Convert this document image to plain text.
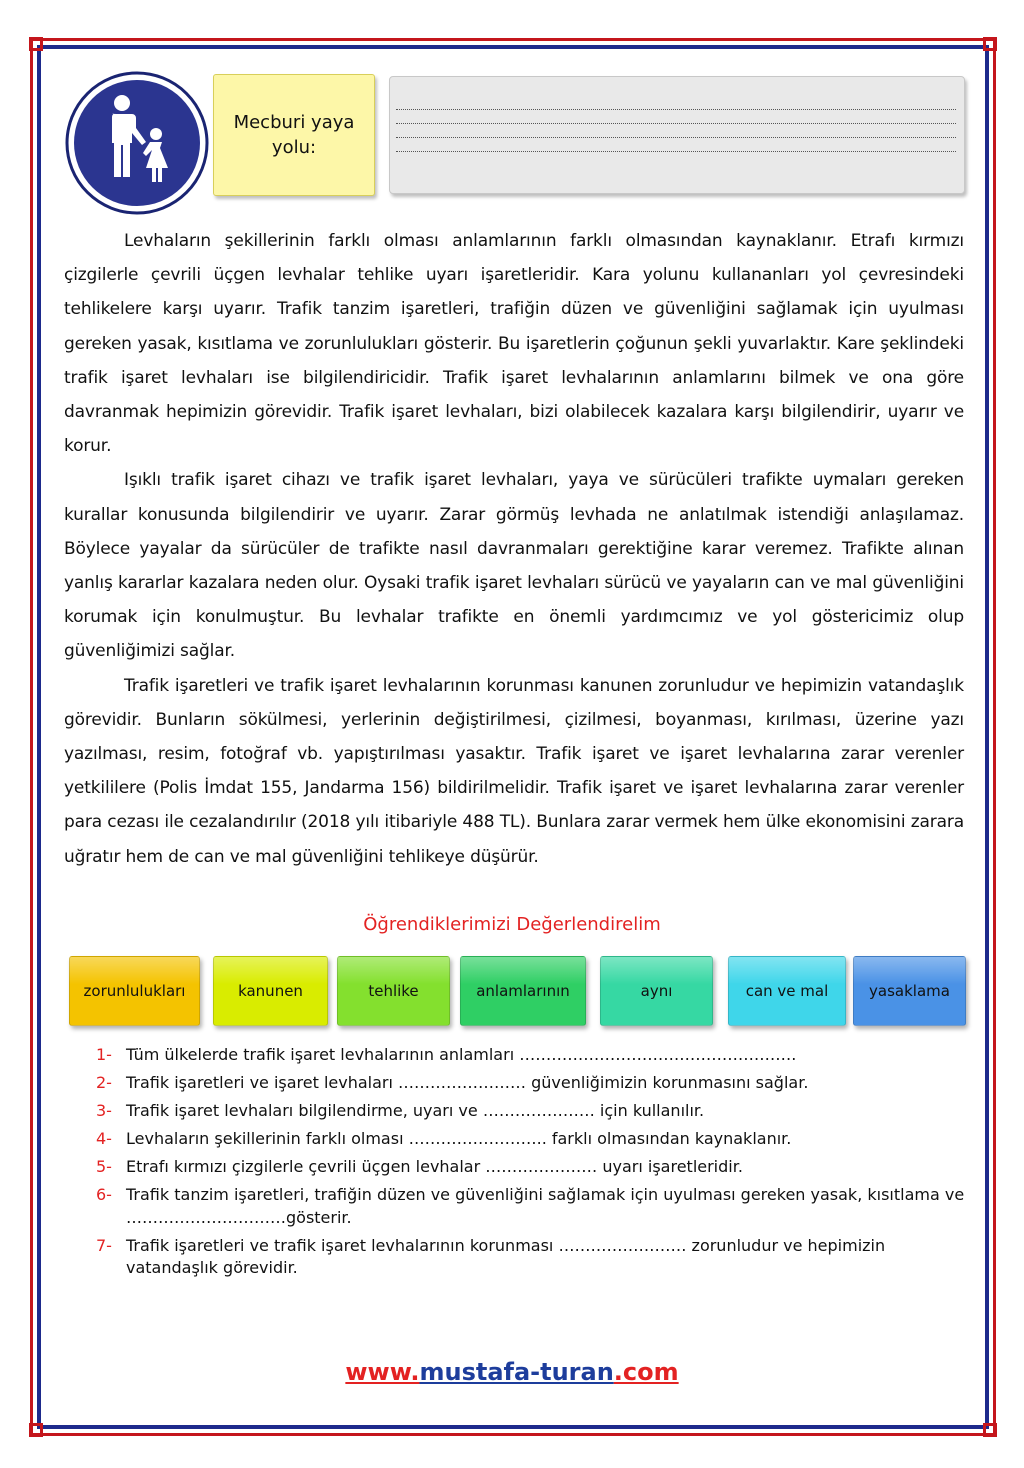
Mecburi yaya yolu:

Levhaların şekillerinin farklı olması anlamlarının farklı olmasından kaynaklanır. Etrafı kırmızı çizgilerle çevrili üçgen levhalar tehlike uyarı işaretleridir. Kara yolunu kullananları yol çevresindeki tehlikelere karşı uyarır. Trafik tanzim işaretleri, trafiğin düzen ve güvenliğini sağlamak için uyulması gereken yasak, kısıtlama ve zorunlulukları gösterir. Bu işaretlerin çoğunun şekli yuvarlaktır. Kare şeklindeki trafik işaret levhaları ise bilgilendiricidir. Trafik işaret levhalarının anlamlarını bilmek ve ona göre davranmak hepimizin görevidir. Trafik işaret levhaları, bizi olabilecek kazalara karşı bilgilendirir, uyarır ve korur.

Işıklı trafik işaret cihazı ve trafik işaret levhaları, yaya ve sürücüleri trafikte uymaları gereken kurallar konusunda bilgilendirir ve uyarır. Zarar görmüş levhada ne anlatılmak istendiği anlaşılamaz. Böylece yayalar da sürücüler de trafikte nasıl davranmaları gerektiğine karar veremez. Trafikte alınan yanlış kararlar kazalara neden olur. Oysaki trafik işaret levhaları sürücü ve yayaların can ve mal güvenliğini korumak için konulmuştur. Bu levhalar trafikte en önemli yardımcımız ve yol göstericimiz olup güvenliğimizi sağlar.

Trafik işaretleri ve trafik işaret levhalarının korunması kanunen zorunludur ve hepimizin vatandaşlık görevidir. Bunların sökülmesi, yerlerinin değiştirilmesi, çizilmesi, boyanması, kırılması, üzerine yazı yazılması, resim, fotoğraf vb. yapıştırılması yasaktır. Trafik işaret ve işaret levhalarına zarar verenler yetkililere (Polis İmdat 155, Jandarma 156) bildirilmelidir. Trafik işaret ve işaret levhalarına zarar verenler para cezası ile cezalandırılır (2018 yılı itibariyle 488 TL). Bunlara zarar vermek hem ülke ekonomisini zarara uğratır hem de can ve mal güvenliğini tehlikeye düşürür.

Öğrendiklerimizi Değerlendirelim
zorunlulukları	kanunen	tehlike	anlamlarının	aynı	can ve mal	yasaklama
1- Tüm ülkelerde trafik işaret levhalarının anlamları …………………………………………….
2- Trafik işaretleri ve işaret levhaları …………………… güvenliğimizin korunmasını sağlar.
3- Trafik işaret levhaları bilgilendirme, uyarı ve ………………… için kullanılır.
4- Levhaların şekillerinin farklı olması …………………….. farklı olmasından kaynaklanır.
5- Etrafı kırmızı çizgilerle çevrili üçgen levhalar ………………… uyarı işaretleridir.
6- Trafik tanzim işaretleri, trafiğin düzen ve güvenliğini sağlamak için uyulması gereken yasak, kısıtlama ve …………………………gösterir.
7- Trafik işaretleri ve trafik işaret levhalarının korunması …………………… zorunludur ve hepimizin vatandaşlık görevidir.
www.mustafa-turan.com
